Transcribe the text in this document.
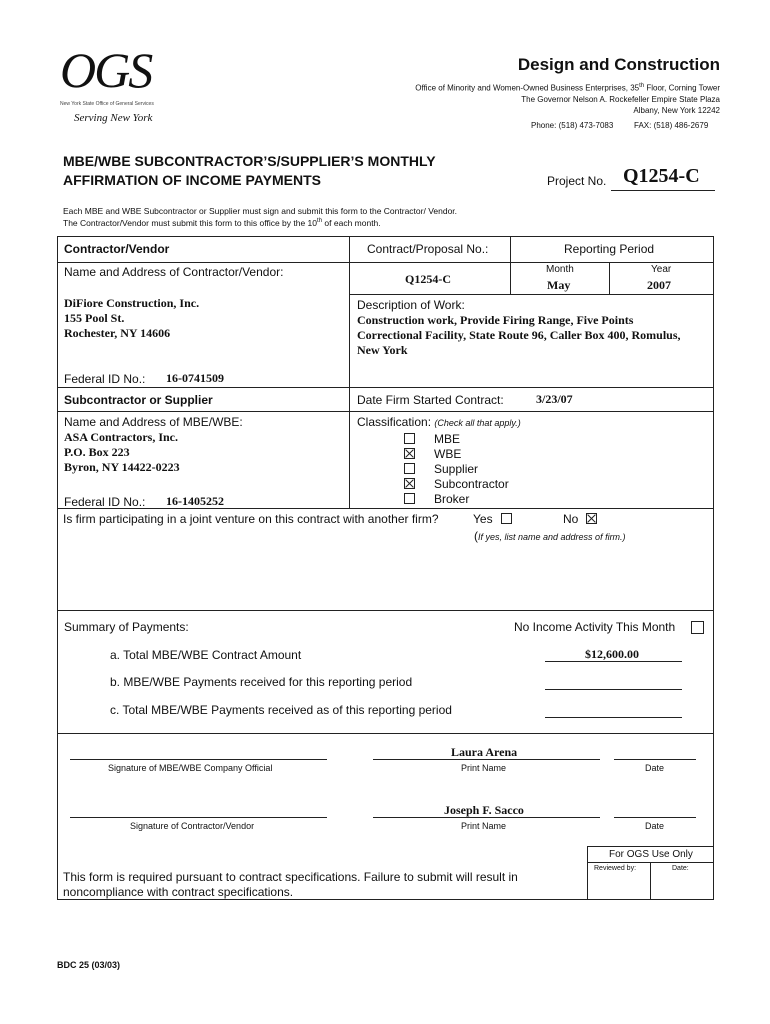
OGS
New York State Office of General Services
Serving New York
Design and Construction
Office of Minority and Women-Owned Business Enterprises, 35th Floor, Corning Tower
The Governor Nelson A. Rockefeller Empire State Plaza
Albany, New York 12242
Phone: (518) 473-7083	FAX: (518) 486-2679
MBE/WBE SUBCONTRACTOR’S/SUPPLIER’S MONTHLY
AFFIRMATION OF INCOME PAYMENTS	Project No. Q1254-C
Each MBE and WBE Subcontractor or Supplier must sign and submit this form to the Contractor/ Vendor.
The Contractor/Vendor must submit this form to this office by the 10th of each month.
Contractor/Vendor	Contract/Proposal No.:	Reporting Period
Name and Address of Contractor/Vendor:	Q1254-C
Month
May
Year
2007
DiFiore Construction, Inc.
155 Pool St.
Rochester, NY 14606
Description of Work:
Construction work, Provide Firing Range, Five Points
Correctional Facility, State Route 96, Caller Box 400, Romulus,
New York
Federal ID No.: 16-0741509
Subcontractor or Supplier	Date Firm Started Contract:	3/23/07
Name and Address of MBE/WBE:
ASA Contractors, Inc.
P.O. Box 223
Byron, NY 14422-0223
Federal ID No.: 16-1405252
Classification: (Check all that apply.)
MBE
WBE
Supplier
Subcontractor
Broker
Is firm participating in a joint venture on this contract with another firm?	Yes	No
(If yes, list name and address of firm.)
Summary of Payments:	No Income Activity This Month
a. Total MBE/WBE Contract Amount	$12,600.00
b. MBE/WBE Payments received for this reporting period
c. Total MBE/WBE Payments received as of this reporting period
Signature of MBE/WBE Company Official
Laura Arena
Print Name	Date
Signature of Contractor/Vendor
Joseph F. Sacco
Print Name	Date
This form is required pursuant to contract specifications. Failure to submit will result in
noncompliance with contract specifications.
For OGS Use Only
Reviewed by:	Date:
BDC 25 (03/03)
